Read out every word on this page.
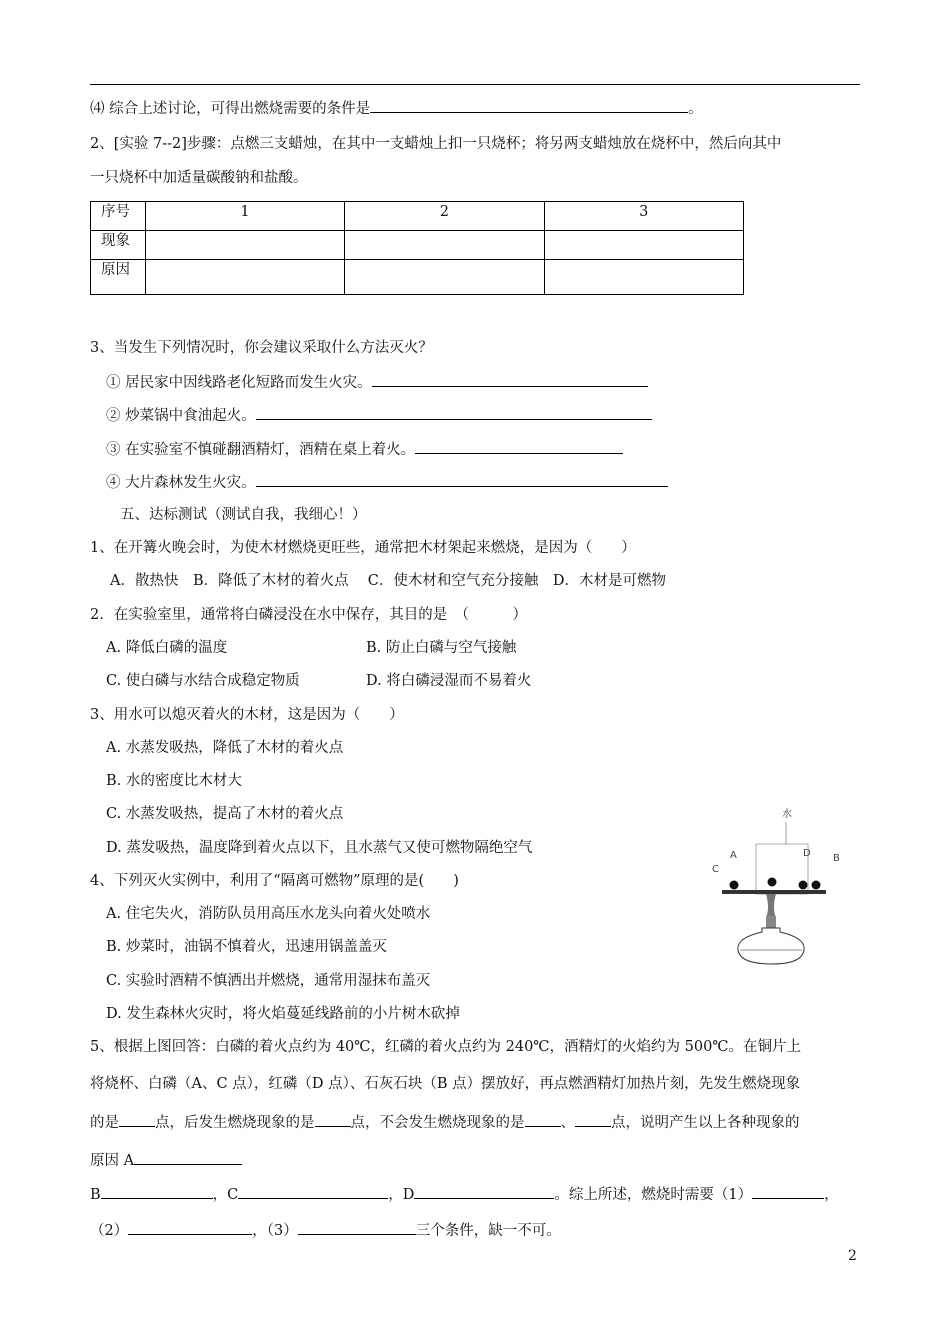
⑷ 综合上述讨论，可得出燃烧需要的条件是	。
2、[实验 7--2]步骤：点燃三支蜡烛，在其中一支蜡烛上扣一只烧杯；将另两支蜡烛放在烧杯中，然后向其中
一只烧杯中加适量碳酸钠和盐酸。
序号	1	2	3
现象			
原因			
3、当发生下列情况时，你会建议采取什么方法灭火？
① 居民家中因线路老化短路而发生火灾。
② 炒菜锅中食油起火。
③ 在实验室不慎碰翻酒精灯，酒精在桌上着火。
④ 大片森林发生火灾。
五、达标测试（测试自我，我细心！）
1、在开篝火晚会时，为使木材燃烧更旺些，通常把木材架起来燃烧，是因为（　　）
A．散热快　B．降低了木材的着火点　 C．使木材和空气充分接触　D．木材是可燃物
2．在实验室里，通常将白磷浸没在水中保存，其目的是　（　　　）
A. 降低白磷的温度	B. 防止白磷与空气接触
C. 使白磷与水结合成稳定物质	D. 将白磷浸湿而不易着火
3、用水可以熄灭着火的木材，这是因为（　　）
A. 水蒸发吸热，降低了木材的着火点
B. 水的密度比木材大
C. 水蒸发吸热，提高了木材的着火点
D. 蒸发吸热，温度降到着火点以下，且水蒸气又使可燃物隔绝空气
4、下列灭火实例中，利用了“隔离可燃物”原理的是(　　)
A. 住宅失火，消防队员用高压水龙头向着火处喷水
B. 炒菜时，油锅不慎着火，迅速用锅盖盖灭
C. 实验时酒精不慎洒出并燃烧，通常用湿抹布盖灭
D. 发生森林火灾时，将火焰蔓延线路前的小片树木砍掉
5、根据上图回答：白磷的着火点约为 40℃，红磷的着火点约为 240℃，酒精灯的火焰约为 500℃。在铜片上
将烧杯、白磷（A、C 点），红磷（D 点）、石灰石块（B 点）摆放好，再点燃酒精灯加热片刻，先发生燃烧现象
的是 点，后发生燃烧现象的是 点，不会发生燃烧现象的是 、 点，说明产生以上各种现象的
原因 A
B	，C	，D	。综上所述，燃烧时需要（1）	，
（2）	，（3）	三个条件，缺一不可。
水
A	D B
C
2
